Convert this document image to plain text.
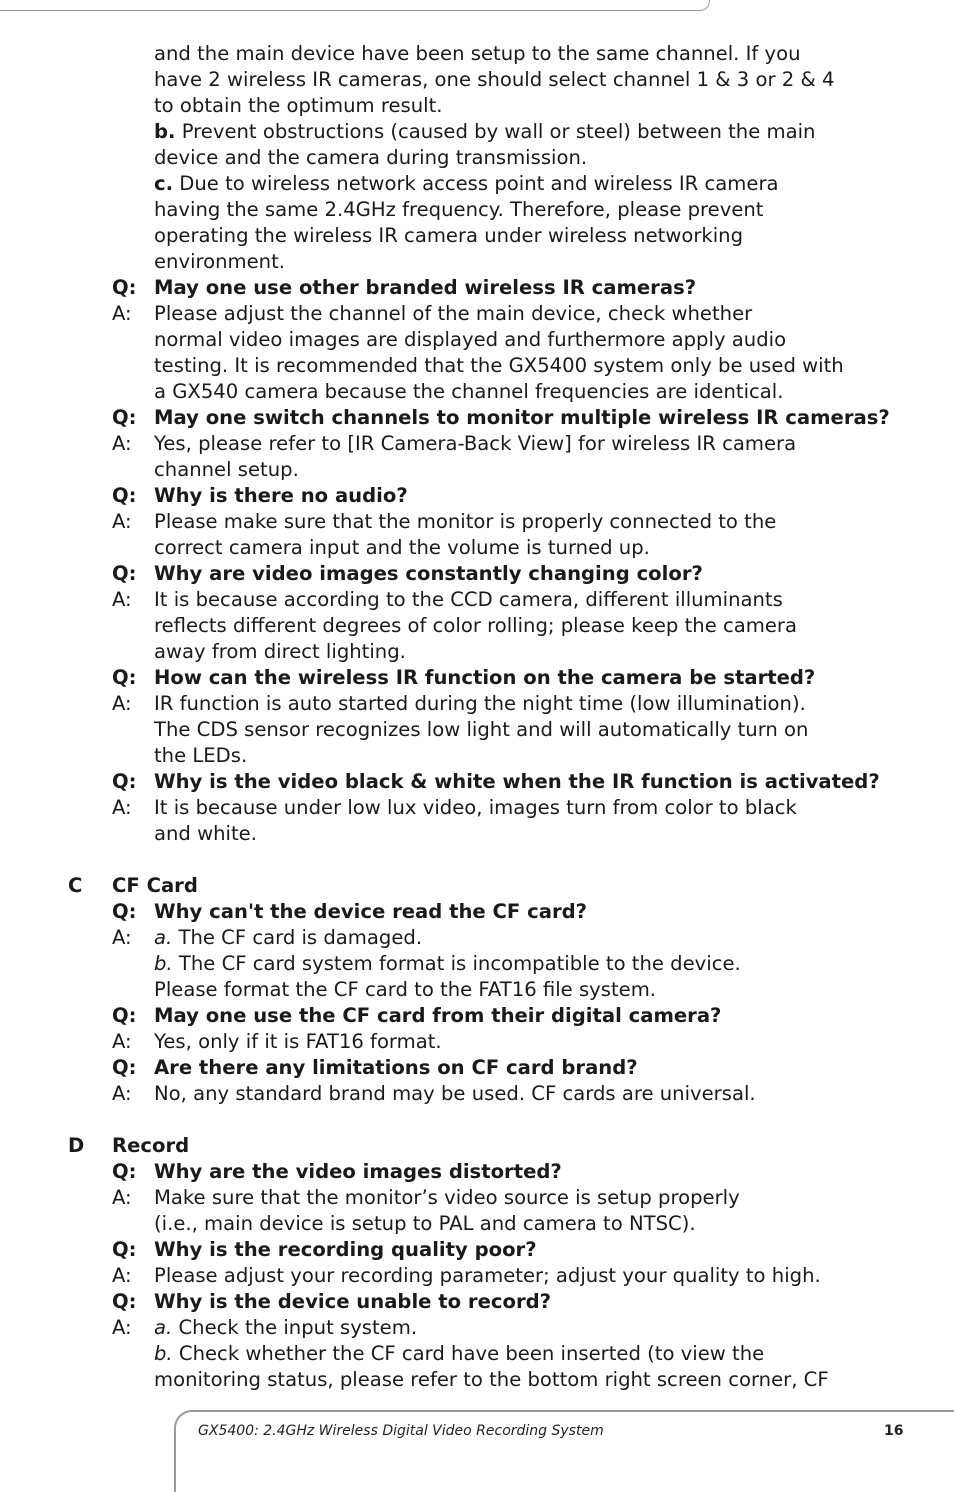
and the main device have been setup to the same channel. If you
have 2 wireless IR cameras, one should select channel 1 & 3 or 2 & 4
to obtain the optimum result.
b. Prevent obstructions (caused by wall or steel) between the main
device and the camera during transmission.
c. Due to wireless network access point and wireless IR camera
having the same 2.4GHz frequency. Therefore, please prevent
operating the wireless IR camera under wireless networking
environment.
Q: May one use other branded wireless IR cameras?
A: Please adjust the channel of the main device, check whether
normal video images are displayed and furthermore apply audio
testing. It is recommended that the GX5400 system only be used with
a GX540 camera because the channel frequencies are identical.
Q: May one switch channels to monitor multiple wireless IR cameras?
A: Yes, please refer to [IR Camera-Back View] for wireless IR camera
channel setup.
Q: Why is there no audio?
A: Please make sure that the monitor is properly connected to the
correct camera input and the volume is turned up.
Q: Why are video images constantly changing color?
A: It is because according to the CCD camera, different illuminants
reflects different degrees of color rolling; please keep the camera
away from direct lighting.
Q: How can the wireless IR function on the camera be started?
A: IR function is auto started during the night time (low illumination).
The CDS sensor recognizes low light and will automatically turn on
the LEDs.
Q: Why is the video black & white when the IR function is activated?
A: It is because under low lux video, images turn from color to black
and white.
C CF Card
Q: Why can't the device read the CF card?
A: a. The CF card is damaged.
b. The CF card system format is incompatible to the device.
Please format the CF card to the FAT16 file system.
Q: May one use the CF card from their digital camera?
A: Yes, only if it is FAT16 format.
Q: Are there any limitations on CF card brand?
A: No, any standard brand may be used. CF cards are universal.
D Record
Q: Why are the video images distorted?
A: Make sure that the monitor’s video source is setup properly
(i.e., main device is setup to PAL and camera to NTSC).
Q: Why is the recording quality poor?
A: Please adjust your recording parameter; adjust your quality to high.
Q: Why is the device unable to record?
A: a. Check the input system.
b. Check whether the CF card have been inserted (to view the
monitoring status, please refer to the bottom right screen corner, CF
GX5400: 2.4GHz Wireless Digital Video Recording System	16
